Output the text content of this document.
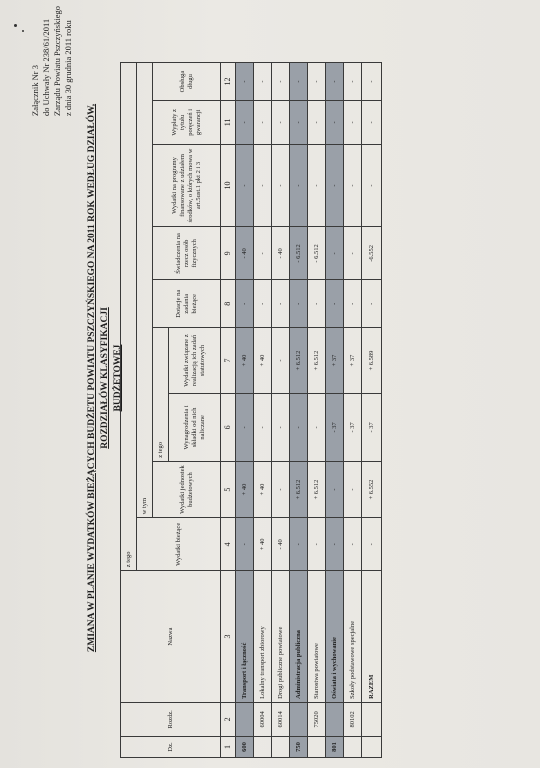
Załącznik Nr 3 do Uchwały Nr 238/61/2011 Zarządu Powiatu Pszczyńskiego z dnia 30 grudnia 2011 roku
ZMIANA W PLANIE WYDATKÓW BIEŻĄCYCH BUDŻETU POWIATU PSZCZYŃSKIEGO NA 2011 ROK WEDŁUG DZIAŁÓW, ROZDZIAŁÓW KLASYFIKACJI BUDŻETOWEJ
Dz.	Rozdz.	Nazwa	z tego								
			Wydatki bieżące	w tym							
				Wydatki jednostek budżetowych	z tego		Dotacje na zadania bieżące	Świadczenia na rzecz osób fizycznych	Wydatki na programy finansowane z udziałem środków, o których mowa w art.5ust.1 pkt 2 i 3	Wypłaty z tytułu poręczeń i gwarancji	Obsługa długu
					Wynagrodzenia i składki od nich naliczane	Wydatki związane z realizacją ich zadań statutowych					
1	2	3	4	5	6	7	8	9	10	11	12
600		Transport i łączność	-	+ 40	-	+ 40	-	- 40	-	-	-
	60004	Lokalny transport zbiorowy	+ 40	+ 40	-	+ 40	-	-	-	-	-
	60014	Drogi publiczne powiatowe	- 40	-	-	-	-	- 40	-	-	-
750		Administracja publiczna	-	+ 6.512	-	+ 6.512	-	- 6.512	-	-	-
	75020	Starostwa powiatowe	-	+ 6.512	-	+ 6.512	-	- 6.512	-	-	-
801		Oświata i wychowanie	-	-	- 37	+ 37	-	-	-	-	-
	80102	Szkoły podstawowe specjalne	-	-	- 37	+ 37	-	-	-	-	-
		RAZEM	-	+ 6.552	- 37	+ 6.589	-	-6.552	-	-	-
